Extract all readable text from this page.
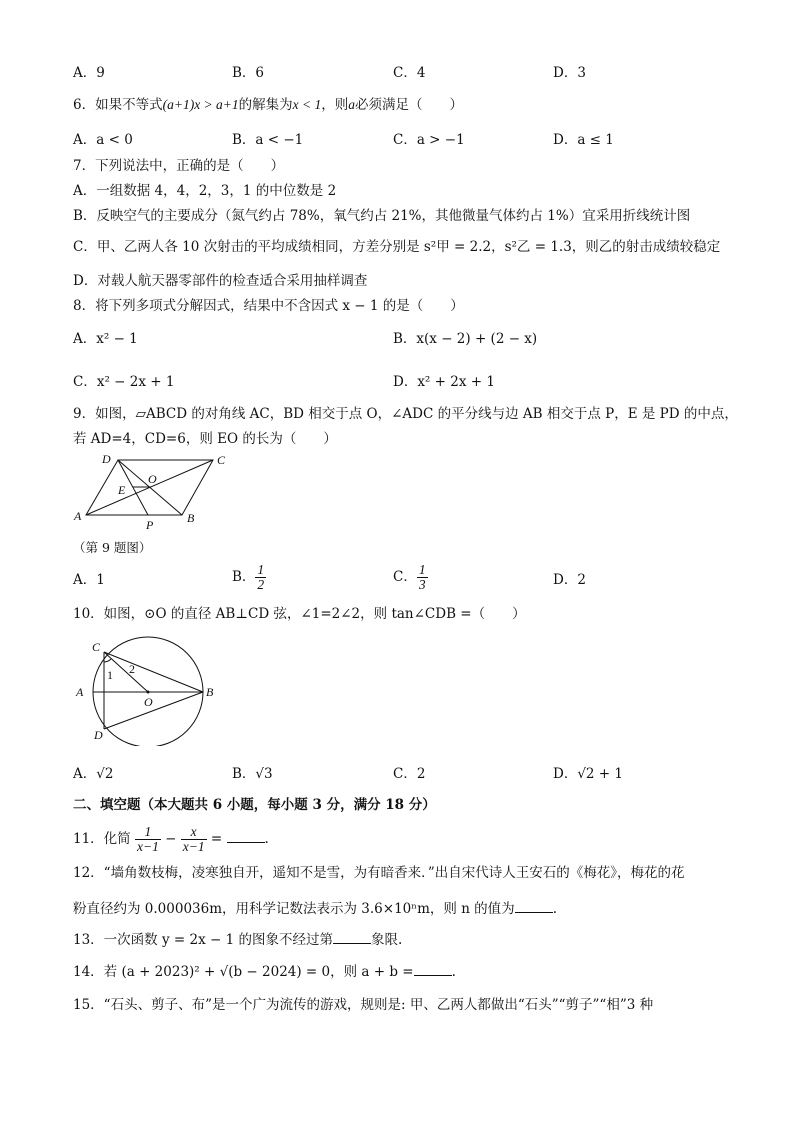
A．9	B．6	C．4	D．3
6．如果不等式(a+1)x > a+1的解集为x < 1，则a必须满足（　　）
A．a < 0	B．a < −1	C．a > −1	D．a ≤ 1
7．下列说法中，正确的是（　　）
A．一组数据 4，4，2，3，1 的中位数是 2
B．反映空气的主要成分（氮气约占 78%，氧气约占 21%，其他微量气体约占 1%）宜采用折线统计图
C．甲、乙两人各 10 次射击的平均成绩相同，方差分别是 s²甲 = 2.2，s²乙 = 1.3，则乙的射击成绩较稳定
D．对载人航天器零部件的检查适合采用抽样调查
8．将下列多项式分解因式，结果中不含因式 x − 1 的是（　　）
A．x² − 1	B．x(x − 2) + (2 − x)
C．x² − 2x + 1	D．x² + 2x + 1
9．如图，▱ABCD 的对角线 AC，BD 相交于点 O，∠ADC 的平分线与边 AB 相交于点 P，E 是 PD 的中点，
若 AD=4，CD=6，则 EO 的长为（　　）
D	C
O
E
A
P	B
（第 9 题图）
A．1	B． $\frac{1}{2}$	C． $\frac{1}{3}$	D．2
10．如图，⊙O 的直径 AB⊥CD 弦，∠1=2∠2，则 tan∠CDB =（　　）
C
2
1
A
O
B
D
A．√2	B．√3	C．2	D．√2 + 1
二、填空题（本大题共 6 小题，每小题 3 分，满分 18 分）
11．化简 $\frac{1}{x-1} - \frac{x}{x-1}$ =	.
12．“墙角数枝梅，凌寒独自开，遥知不是雪，为有暗香来．”出自宋代诗人王安石的《梅花》，梅花的花
粉直径约为 0.000036m，用科学记数法表示为 3.6×10ⁿm，则 n 的值为	.
13．一次函数 y = 2x − 1 的图象不经过第	象限.
14．若 (a + 2023)² + √(b − 2024) = 0，则 a + b =	.
15．“石头、剪子、布”是一个广为流传的游戏，规则是: 甲、乙两人都做出“石头”“剪子”“相”3 种
